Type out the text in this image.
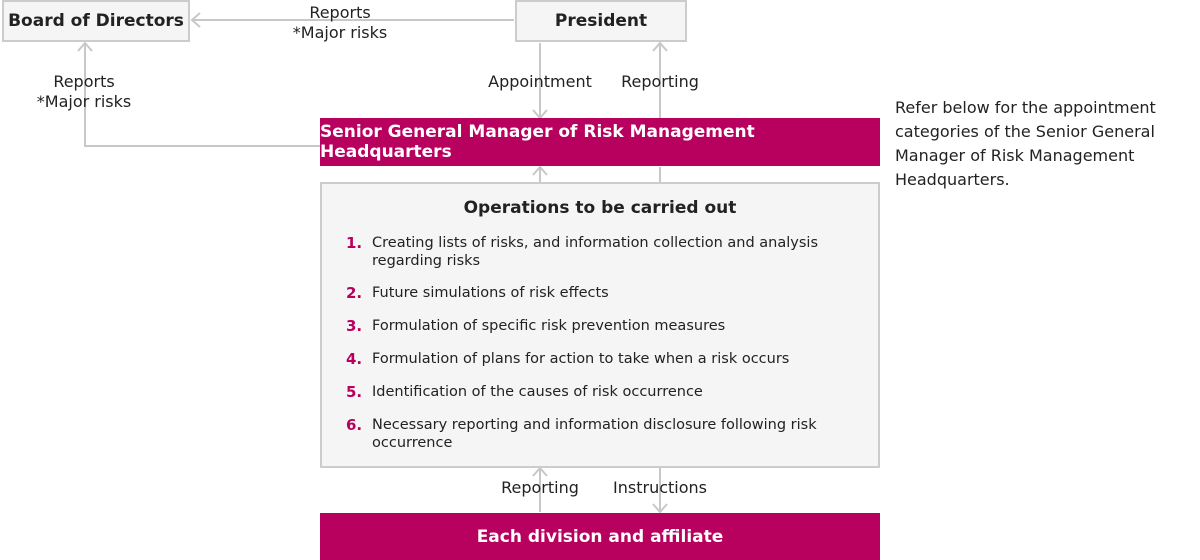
Board of Directors	President
Senior General Manager of Risk Management Headquarters
Each division and affiliate
Operations to be carried out
1. Creating lists of risks, and information collection and analysis regarding risks
2. Future simulations of risk effects
3. Formulation of specific risk prevention measures
4. Formulation of plans for action to take when a risk occurs
5. Identification of the causes of risk occurrence
6. Necessary reporting and information disclosure following risk occurrence
Reports
*Major risks
Reports
*Major risks
Appointment	Reporting
Reporting	Instructions
Refer below for the appointment categories of the Senior General Manager of Risk Management Headquarters.
